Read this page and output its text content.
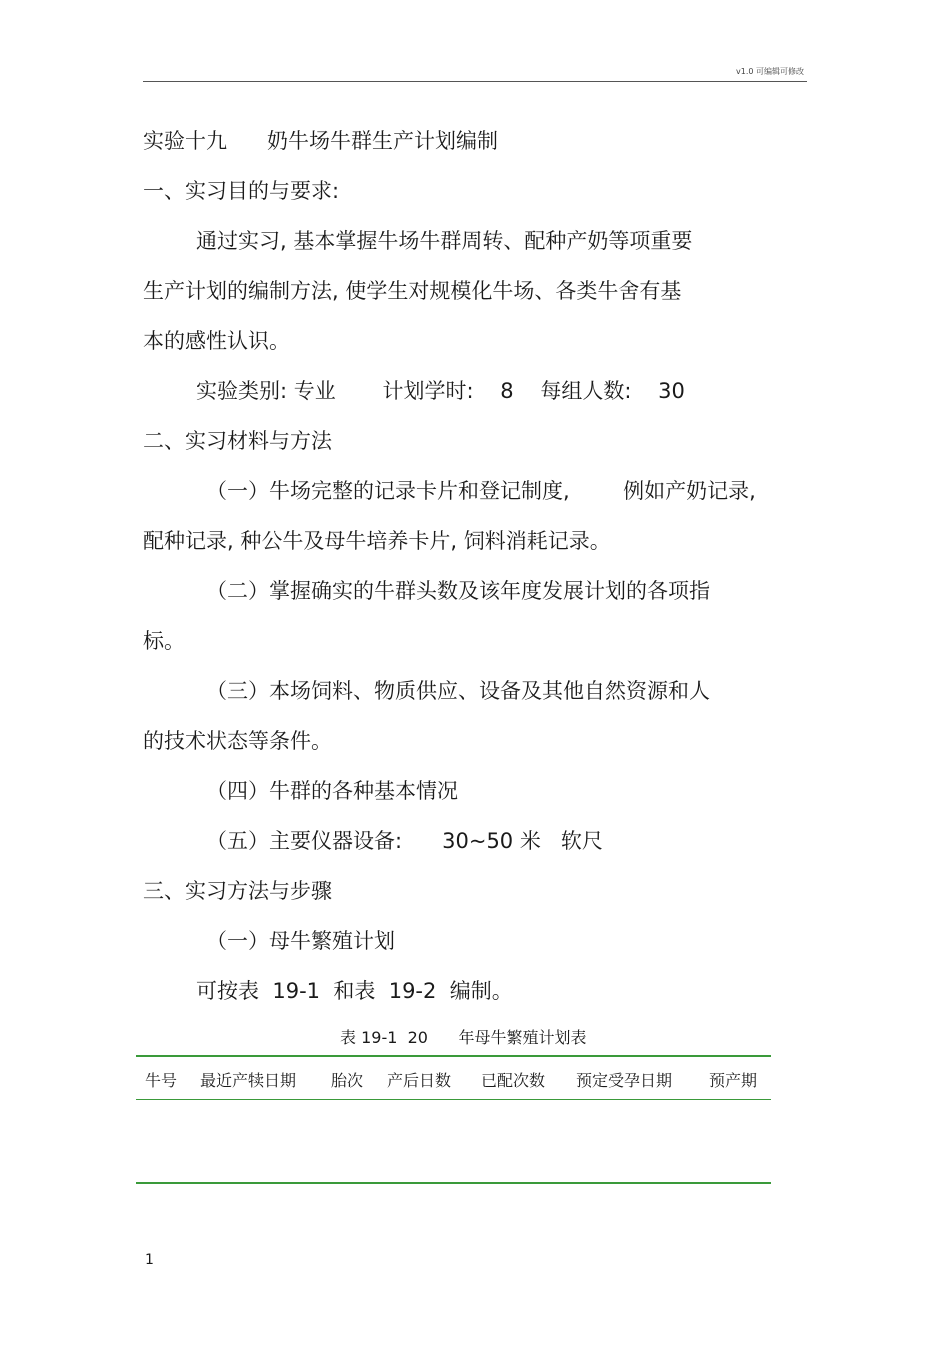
v1.0 可编辑可修改
实验十九      奶牛场牛群生产计划编制
一、实习目的与要求:
通过实习, 基本掌握牛场牛群周转、配种产奶等项重要
生产计划的编制方法, 使学生对规模化牛场、各类牛舍有基
本的感性认识。
实验类别: 专业       计划学时:    8    每组人数:    30
二、实习材料与方法
（一）牛场完整的记录卡片和登记制度,        例如产奶记录,
配种记录, 种公牛及母牛培养卡片, 饲料消耗记录。
（二）掌握确实的牛群头数及该年度发展计划的各项指
标。
（三）本场饲料、物质供应、设备及其他自然资源和人
的技术状态等条件。
（四）牛群的各种基本情况
（五）主要仪器设备:      30~50 米   软尺
三、实习方法与步骤
（一）母牛繁殖计划
可按表  19-1  和表  19-2  编制。
表 19-1  20      年母牛繁殖计划表
牛号 最近产犊日期 胎次 产后日数 已配次数 预定受孕日期 预产期
1
